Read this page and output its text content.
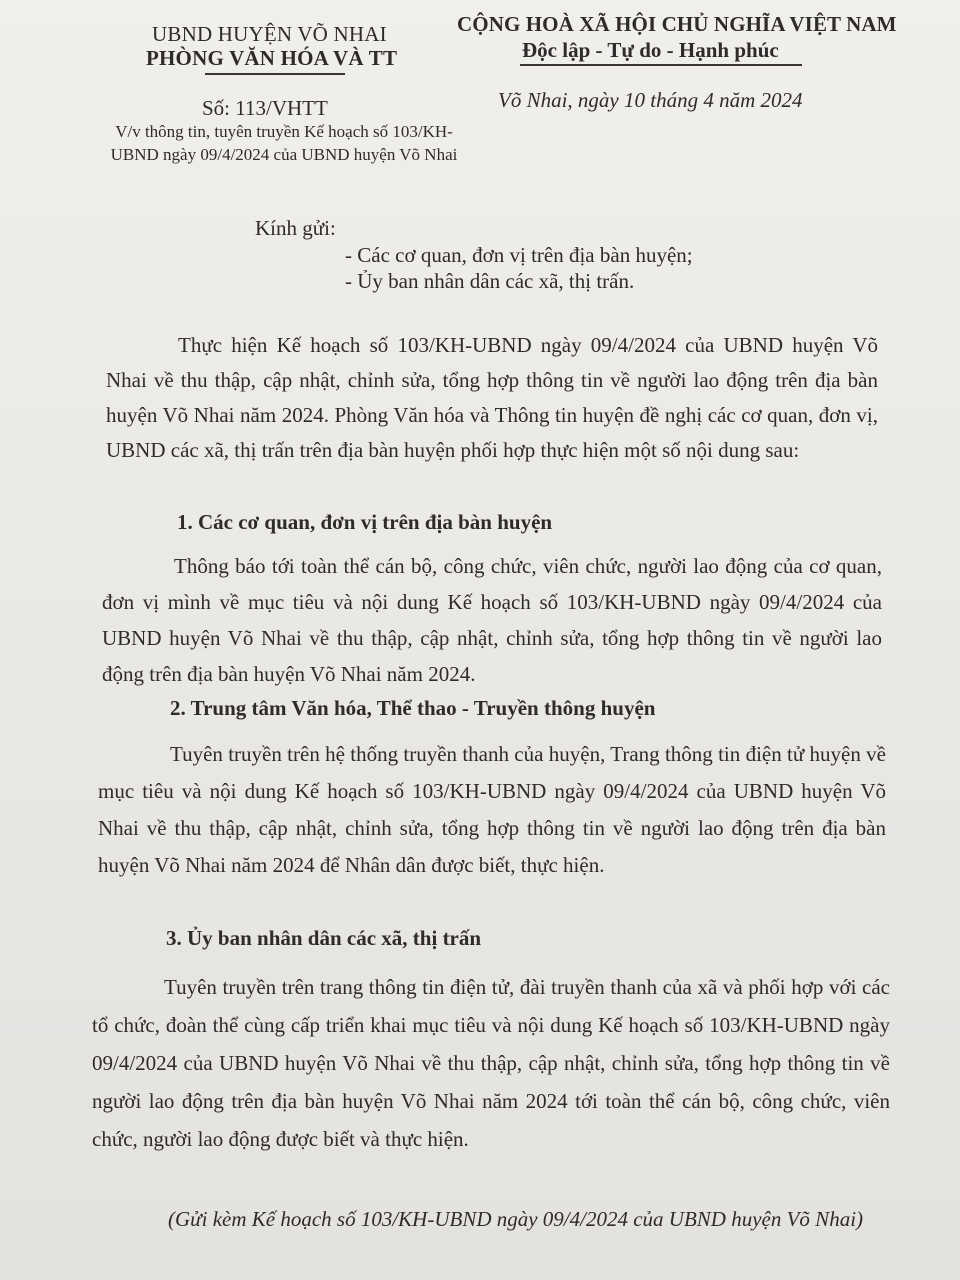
UBND HUYỆN VÕ NHAI
PHÒNG VĂN HÓA VÀ TT
CỘNG HOÀ XÃ HỘI CHỦ NGHĨA VIỆT NAM
Độc lập - Tự do - Hạnh phúc
Số: 113/VHTT	Võ Nhai, ngày 10 tháng 4 năm 2024
V/v thông tin, tuyên truyền Kế hoạch số 103/KH-UBND ngày 09/4/2024 của UBND huyện Võ Nhai
Kính gửi:
- Các cơ quan, đơn vị trên địa bàn huyện;
- Ủy ban nhân dân các xã, thị trấn.
Thực hiện Kế hoạch số 103/KH-UBND ngày 09/4/2024 của UBND huyện Võ Nhai về thu thập, cập nhật, chỉnh sửa, tổng hợp thông tin về người lao động trên địa bàn huyện Võ Nhai năm 2024. Phòng Văn hóa và Thông tin huyện đề nghị các cơ quan, đơn vị, UBND các xã, thị trấn trên địa bàn huyện phối hợp thực hiện một số nội dung sau:
1. Các cơ quan, đơn vị trên địa bàn huyện
Thông báo tới toàn thể cán bộ, công chức, viên chức, người lao động của cơ quan, đơn vị mình về mục tiêu và nội dung Kế hoạch số 103/KH-UBND ngày 09/4/2024 của UBND huyện Võ Nhai về thu thập, cập nhật, chỉnh sửa, tổng hợp thông tin về người lao động trên địa bàn huyện Võ Nhai năm 2024.
2. Trung tâm Văn hóa, Thể thao - Truyền thông huyện
Tuyên truyền trên hệ thống truyền thanh của huyện, Trang thông tin điện tử huyện về mục tiêu và nội dung Kế hoạch số 103/KH-UBND ngày 09/4/2024 của UBND huyện Võ Nhai về thu thập, cập nhật, chỉnh sửa, tổng hợp thông tin về người lao động trên địa bàn huyện Võ Nhai năm 2024 để Nhân dân được biết, thực hiện.
3. Ủy ban nhân dân các xã, thị trấn
Tuyên truyền trên trang thông tin điện tử, đài truyền thanh của xã và phối hợp với các tổ chức, đoàn thể cùng cấp triển khai mục tiêu và nội dung Kế hoạch số 103/KH-UBND ngày 09/4/2024 của UBND huyện Võ Nhai về thu thập, cập nhật, chỉnh sửa, tổng hợp thông tin về người lao động trên địa bàn huyện Võ Nhai năm 2024 tới toàn thể cán bộ, công chức, viên chức, người lao động được biết và thực hiện.
(Gửi kèm Kế hoạch số 103/KH-UBND ngày 09/4/2024 của UBND huyện Võ Nhai)
